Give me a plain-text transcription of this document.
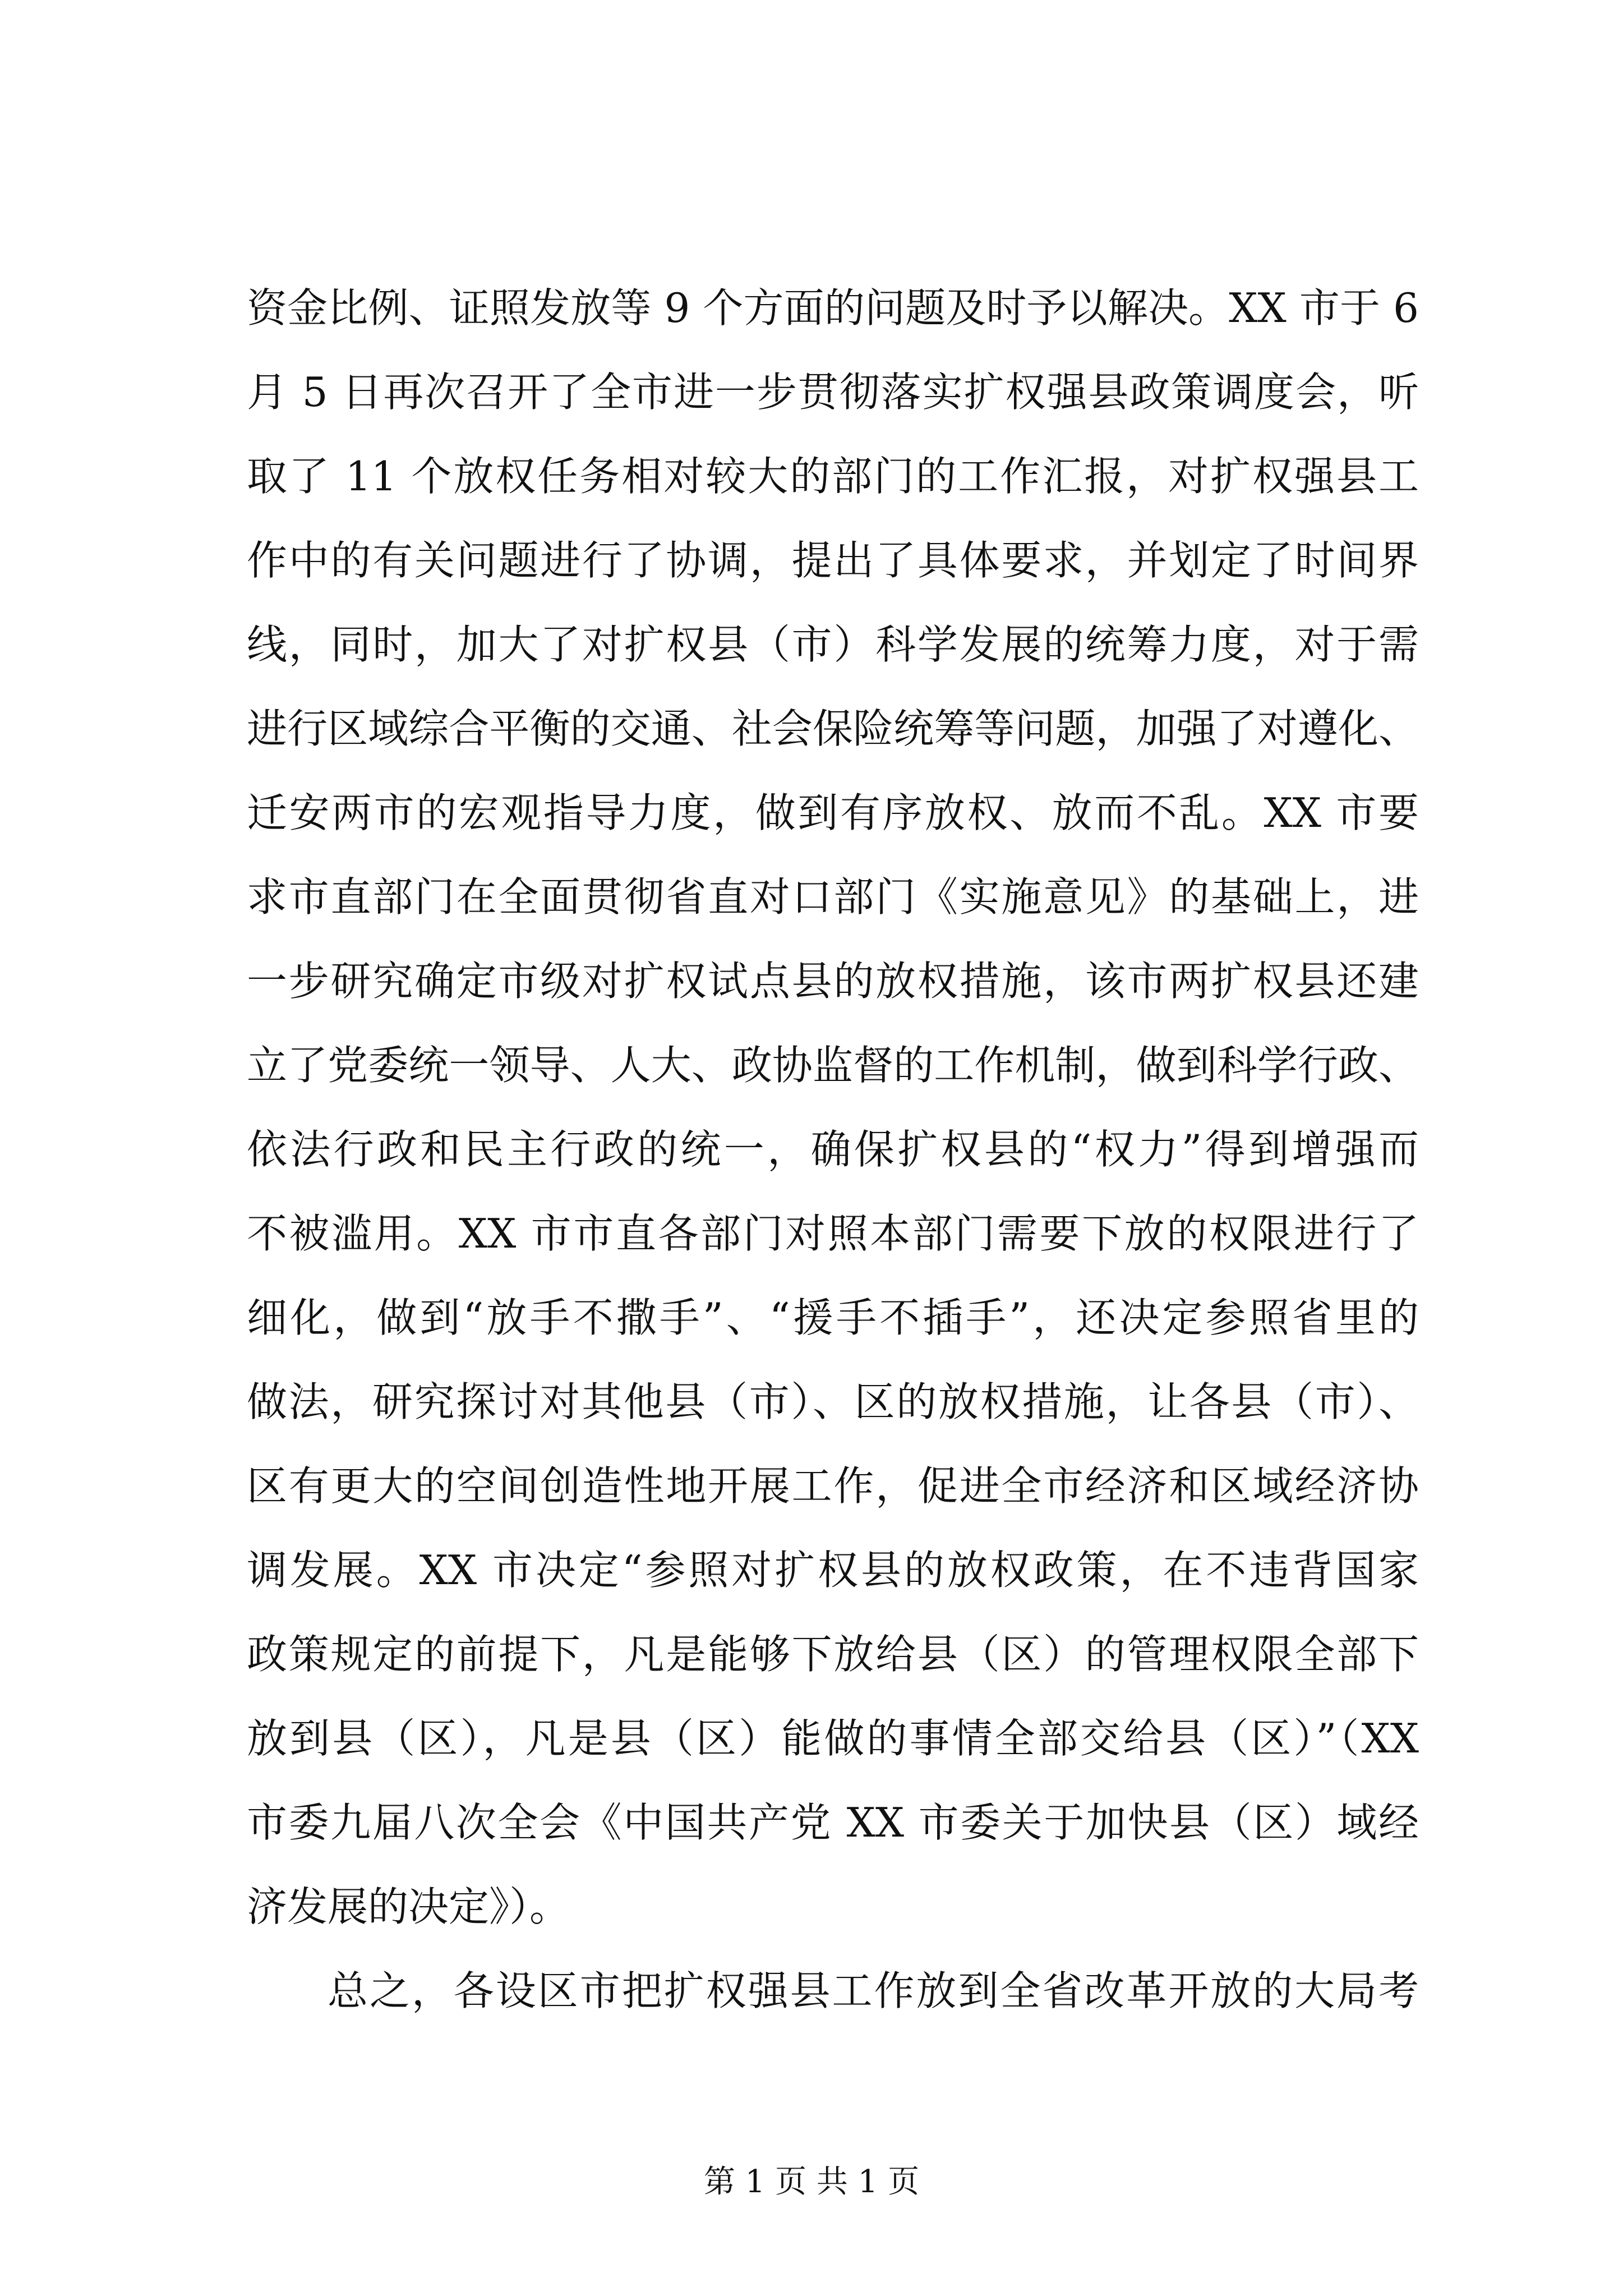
资金比例、证照发放等 9 个方面的问题及时予以解决。XX 市于 6
月 5 日再次召开了全市进一步贯彻落实扩权强县政策调度会，听
取了 11 个放权任务相对较大的部门的工作汇报，对扩权强县工
作中的有关问题进行了协调，提出了具体要求，并划定了时间界
线，同时，加大了对扩权县（市）科学发展的统筹力度，对于需
进行区域综合平衡的交通、社会保险统筹等问题，加强了对遵化、
迁安两市的宏观指导力度，做到有序放权、放而不乱。XX 市要
求市直部门在全面贯彻省直对口部门《实施意见》的基础上，进
一步研究确定市级对扩权试点县的放权措施，该市两扩权县还建
立了党委统一领导、人大、政协监督的工作机制，做到科学行政、
依法行政和民主行政的统一，确保扩权县的“权力”得到增强而
不被滥用。XX 市市直各部门对照本部门需要下放的权限进行了
细化，做到“放手不撒手”、“援手不插手”，还决定参照省里的
做法，研究探讨对其他县（市）、区的放权措施，让各县（市）、
区有更大的空间创造性地开展工作，促进全市经济和区域经济协
调发展。XX 市决定“参照对扩权县的放权政策，在不违背国家
政策规定的前提下，凡是能够下放给县（区）的管理权限全部下
放到县（区），凡是县（区）能做的事情全部交给县（区）”（XX
市委九届八次全会《中国共产党 XX 市委关于加快县（区）域经
济发展的决定》）。
总之，各设区市把扩权强县工作放到全省改革开放的大局考
第 1 页 共 1 页
